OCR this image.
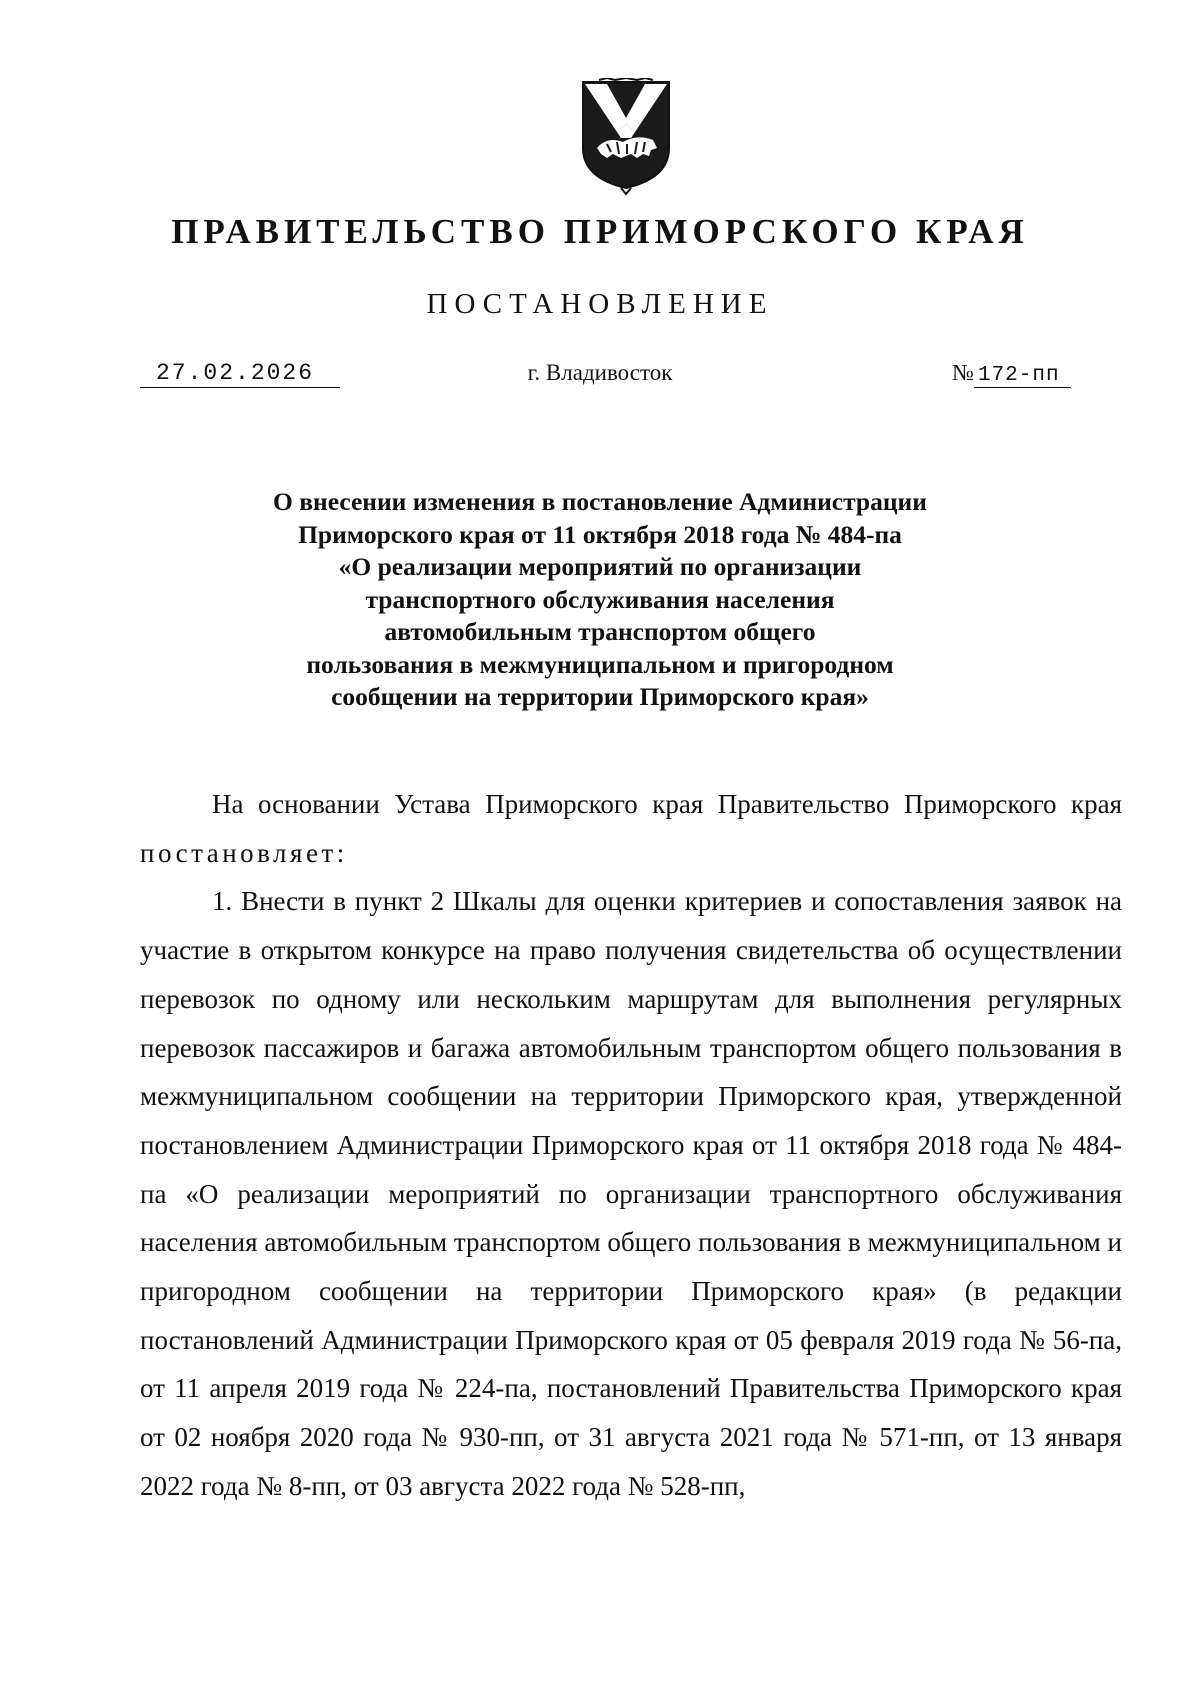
ПРАВИТЕЛЬСТВО ПРИМОРСКОГО КРАЯ
ПОСТАНОВЛЕНИЕ
27.02.2026	г. Владивосток	№ 172-пп
О внесении изменения в постановление Администрации
Приморского края от 11 октября 2018 года № 484-па
«О реализации мероприятий по организации
транспортного обслуживания населения
автомобильным транспортом общего
пользования в межмуниципальном и пригородном
сообщении на территории Приморского края»

На основании Устава Приморского края Правительство Приморского края постановляет:

1. Внести в пункт 2 Шкалы для оценки критериев и сопоставления заявок на участие в открытом конкурсе на право получения свидетельства об осуществлении перевозок по одному или нескольким маршрутам для выполнения регулярных перевозок пассажиров и багажа автомобильным транспортом общего пользования в межмуниципальном сообщении на территории Приморского края, утвержденной постановлением Администрации Приморского края от 11 октября 2018 года № 484-па «О реализации мероприятий по организации транспортного обслуживания населения автомобильным транспортом общего пользования в межмуниципальном и пригородном сообщении на территории Приморского края» (в редакции постановлений Администрации Приморского края от 05 февраля 2019 года № 56-па, от 11 апреля 2019 года № 224-па, постановлений Правительства Приморского края от 02 ноября 2020 года № 930-пп, от 31 августа 2021 года № 571-пп, от 13 января 2022 года № 8-пп, от 03 августа 2022 года № 528-пп,
